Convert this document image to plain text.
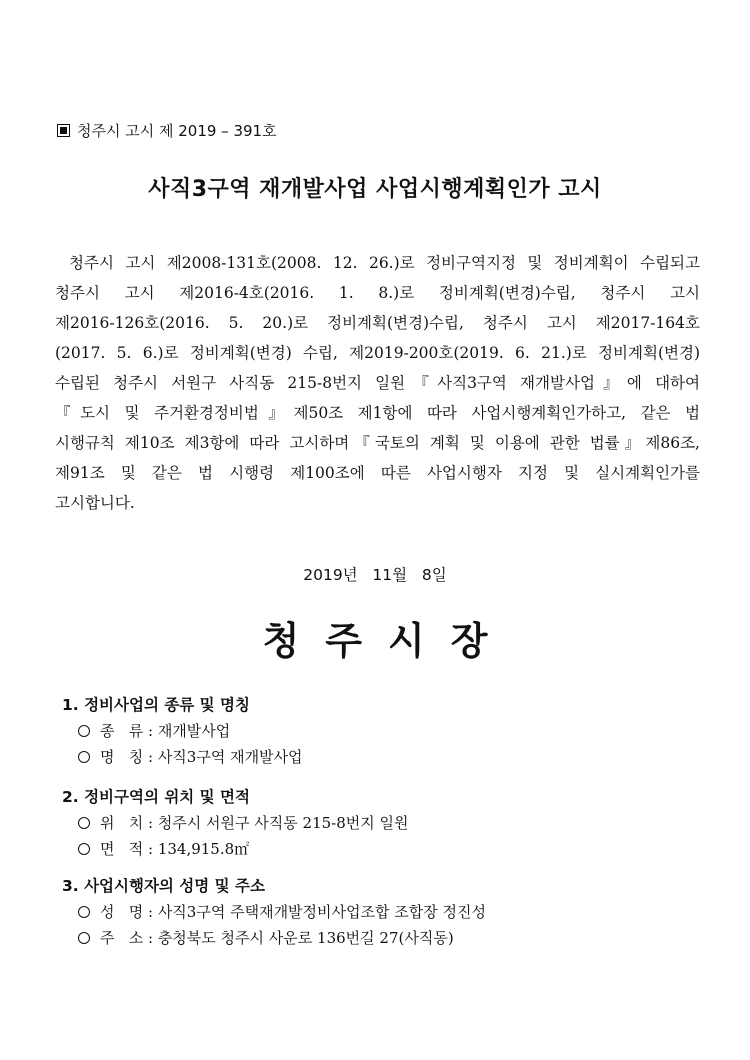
청주시 고시 제 2019 – 391호
사직3구역 재개발사업 사업시행계획인가 고시
청주시 고시 제2008-131호(2008. 12. 26.)로 정비구역지정 및 정비계획이 수립되고
청주시 고시 제2016-4호(2016. 1. 8.)로 정비계획(변경)수립, 청주시 고시
제2016-126호(2016. 5. 20.)로 정비계획(변경)수립, 청주시 고시 제2017-164호
(2017. 5. 6.)로 정비계획(변경) 수립, 제2019-200호(2019. 6. 21.)로 정비계획(변경)
수립된 청주시 서원구 사직동 215-8번지 일원『사직3구역 재개발사업』에 대하여
『도시 및 주거환경정비법』제50조 제1항에 따라 사업시행계획인가하고, 같은 법
시행규칙 제10조 제3항에 따라 고시하며『국토의 계획 및 이용에 관한 법률』제86조,
제91조 및 같은 법 시행령 제100조에 따른 사업시행자 지정 및 실시계획인가를
고시합니다.
2019년   11월   8일
청주시장
1. 정비사업의 종류 및 명칭
종   류 : 재개발사업
명   칭 : 사직3구역 재개발사업
2. 정비구역의 위치 및 면적
위   치 : 청주시 서원구 사직동 215-8번지 일원
면   적 : 134,915.8㎡
3. 사업시행자의 성명 및 주소
성   명 : 사직3구역 주택재개발정비사업조합 조합장 정진성
주   소 : 충청북도 청주시 사운로 136번길 27(사직동)
